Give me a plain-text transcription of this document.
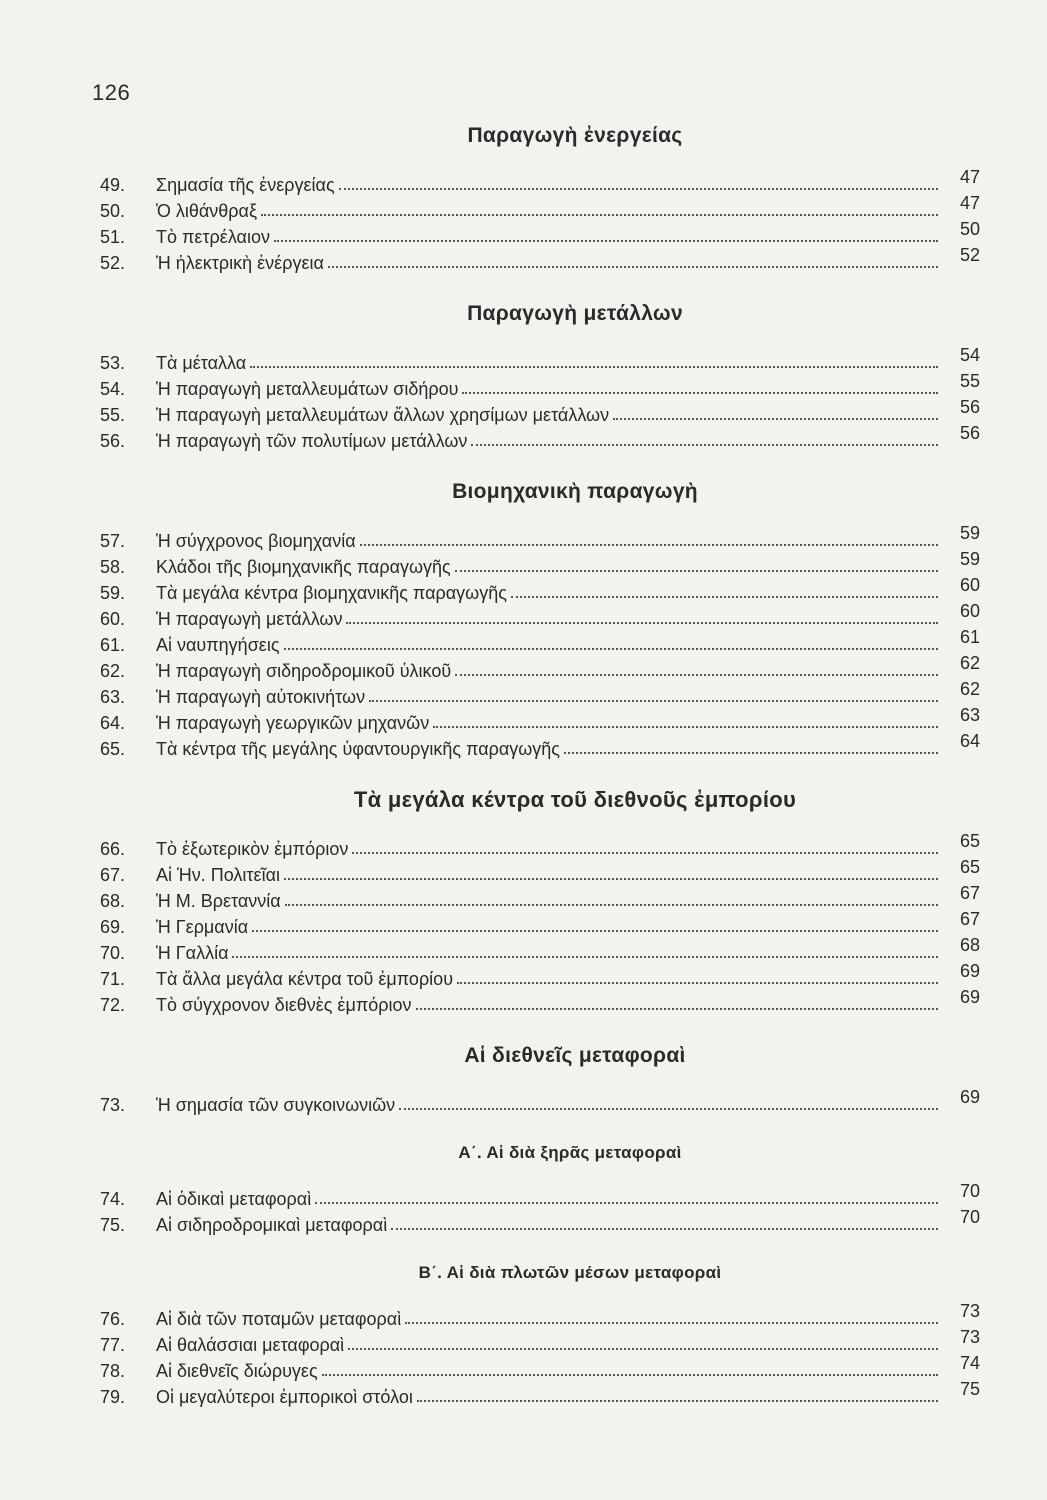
126
Παραγωγὴ ἐνεργείας
49.	Σημασία τῆς ἐνεργείας	47
50.	Ὁ λιθάνθραξ	47
51.	Τὸ πετρέλαιον	50
52.	Ἡ ἠλεκτρικὴ ἐνέργεια	52
Παραγωγὴ μετάλλων
53.	Τὰ μέταλλα	54
54.	Ἡ παραγωγὴ μεταλλευμάτων σιδήρου	55
55.	Ἡ παραγωγὴ μεταλλευμάτων ἄλλων χρησίμων μετάλλων	56
56.	Ἡ παραγωγὴ τῶν πολυτίμων μετάλλων	56
Βιομηχανικὴ παραγωγὴ
57.	Ἡ σύγχρονος βιομηχανία	59
58.	Κλάδοι τῆς βιομηχανικῆς παραγωγῆς	59
59.	Τὰ μεγάλα κέντρα βιομηχανικῆς παραγωγῆς	60
60.	Ἡ παραγωγὴ μετάλλων	60
61.	Αἱ ναυπηγήσεις	61
62.	Ἡ παραγωγὴ σιδηροδρομικοῦ ὑλικοῦ	62
63.	Ἡ παραγωγὴ αὐτοκινήτων	62
64.	Ἡ παραγωγὴ γεωργικῶν μηχανῶν	63
65.	Τὰ κέντρα τῆς μεγάλης ὑφαντουργικῆς παραγωγῆς	64
Τὰ μεγάλα κέντρα τοῦ διεθνοῦς ἐμπορίου
66.	Τὸ ἐξωτερικὸν ἐμπόριον	65
67.	Αἱ Ἡν. Πολιτεῖαι	65
68.	Ἡ Μ. Βρεταννία	67
69.	Ἡ Γερμανία	67
70.	Ἡ Γαλλία	68
71.	Τὰ ἄλλα μεγάλα κέντρα τοῦ ἐμπορίου	69
72.	Τὸ σύγχρονον διεθνὲς ἐμπόριον	69
Αἱ διεθνεῖς μεταφοραὶ
73.	Ἡ σημασία τῶν συγκοινωνιῶν	69
Α΄. Αἱ διὰ ξηρᾶς μεταφοραὶ
74.	Αἱ ὁδικαὶ μεταφοραὶ	70
75.	Αἱ σιδηροδρομικαὶ μεταφοραὶ	70
Β΄. Αἱ διὰ πλωτῶν μέσων μεταφοραὶ
76.	Αἱ διὰ τῶν ποταμῶν μεταφοραὶ	73
77.	Αἱ θαλάσσιαι μεταφοραὶ	73
78.	Αἱ διεθνεῖς διώρυγες	74
79.	Οἱ μεγαλύτεροι ἐμπορικοὶ στόλοι	75
